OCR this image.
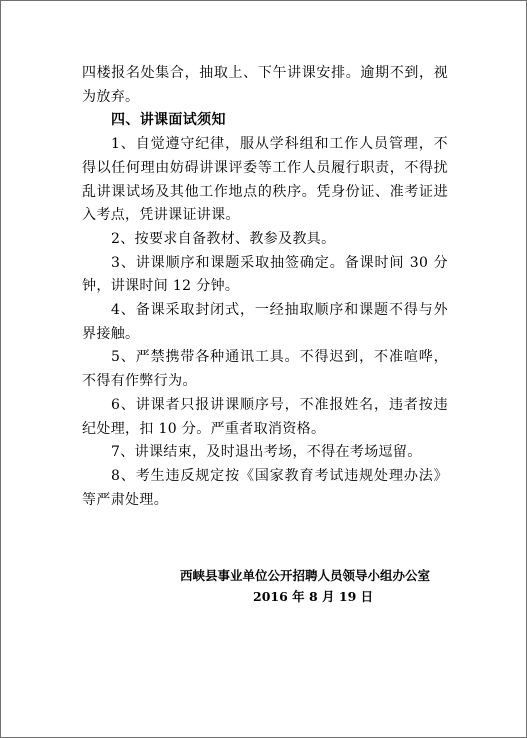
四楼报名处集合，抽取上、下午讲课安排。逾期不到，视为放弃。

四、讲课面试须知

1、自觉遵守纪律，服从学科组和工作人员管理，不得以任何理由妨碍讲课评委等工作人员履行职责，不得扰乱讲课试场及其他工作地点的秩序。凭身份证、准考证进入考点，凭讲课证讲课。

2、按要求自备教材、教参及教具。

3、讲课顺序和课题采取抽签确定。备课时间 30 分钟，讲课时间 12 分钟。

4、备课采取封闭式，一经抽取顺序和课题不得与外界接触。

5、严禁携带各种通讯工具。不得迟到，不准喧哗，不得有作弊行为。

6、讲课者只报讲课顺序号，不准报姓名，违者按违纪处理，扣 10 分。严重者取消资格。

7、讲课结束，及时退出考场，不得在考场逗留。

8、考生违反规定按《国家教育考试违规处理办法》等严肃处理。

西峡县事业单位公开招聘人员领导小组办公室
2016 年 8 月 19 日
